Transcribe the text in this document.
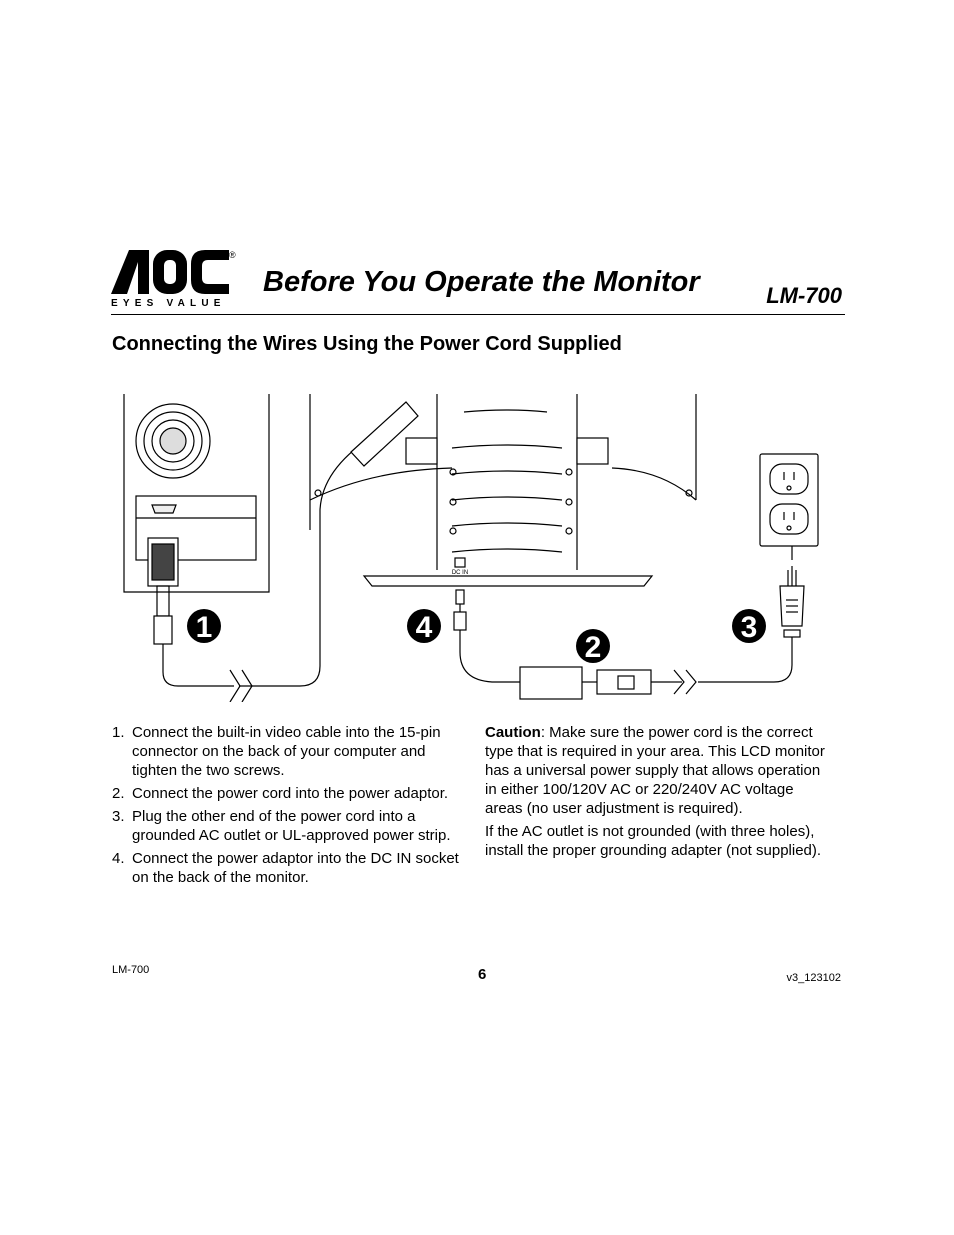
®
EYES VALUE
Before You Operate the Monitor	LM-700
Connecting the Wires Using the Power Cord Supplied
1
2
3
4
DC IN
1. Connect the built-in video cable into the 15-pin connector on the back of your computer and tighten the two screws.
2. Connect the power cord into the power adaptor.
3. Plug the other end of the power cord into a grounded AC outlet or UL-approved power strip.
4. Connect the power adaptor into the DC IN socket on the back of the monitor.

Caution: Make sure the power cord is the correct type that is required in your area. This LCD monitor has a universal power supply that allows operation in either 100/120V AC or 220/240V AC voltage areas (no user adjustment is required).

If the AC outlet is not grounded (with three holes), install the proper grounding adapter (not supplied).

LM-700	6	v3_123102
